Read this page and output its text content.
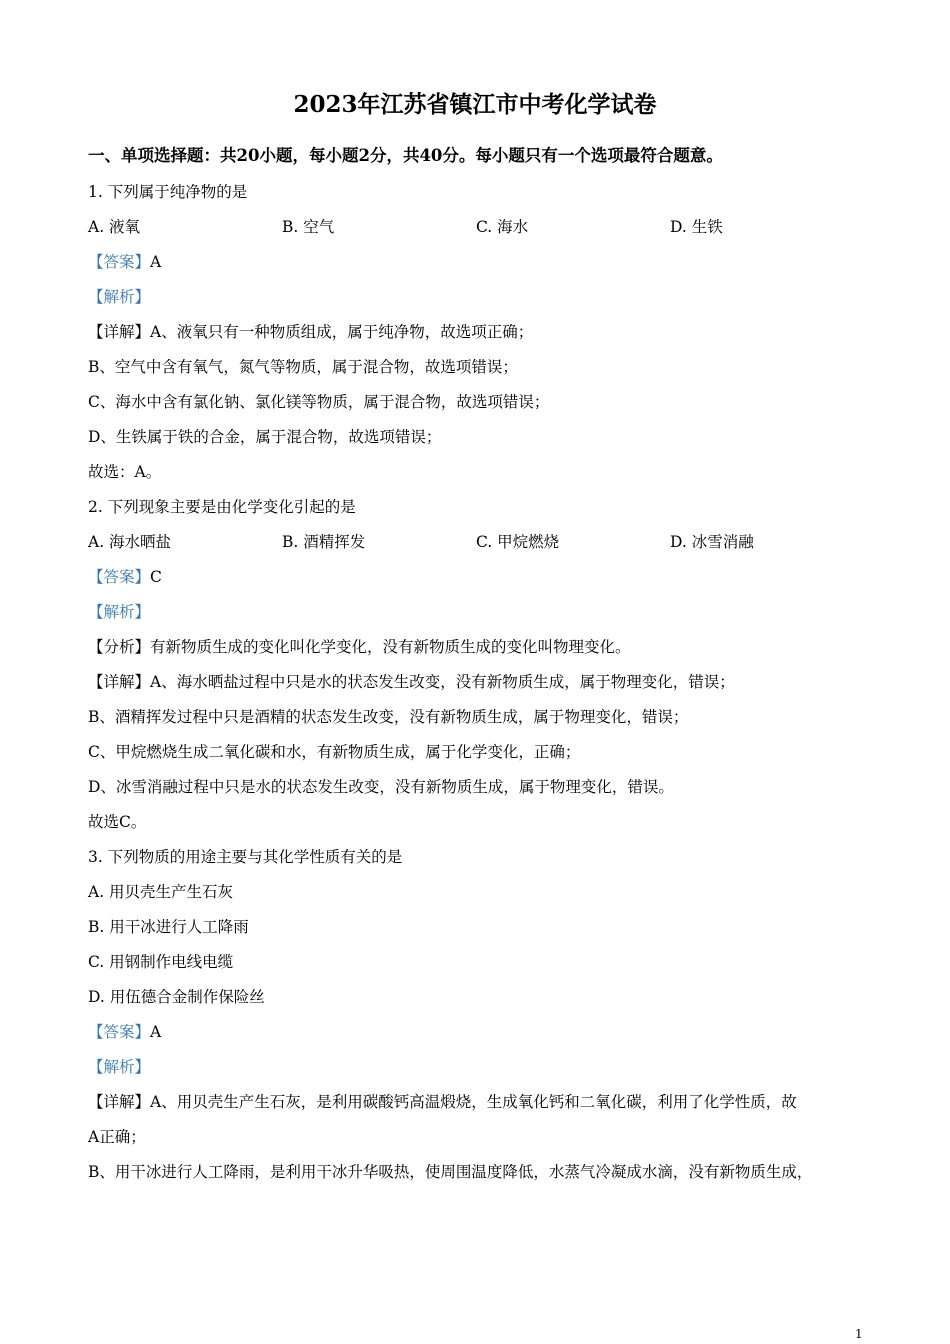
2023年江苏省镇江市中考化学试卷
一、单项选择题：共20小题，每小题2分，共40分。每小题只有一个选项最符合题意。
1. 下列属于纯净物的是
A. 液氧	B. 空气	C. 海水	D. 生铁
【答案】A
【解析】
【详解】A、液氧只有一种物质组成，属于纯净物，故选项正确；
B、空气中含有氧气，氮气等物质，属于混合物，故选项错误；
C、海水中含有氯化钠、氯化镁等物质，属于混合物，故选项错误；
D、生铁属于铁的合金，属于混合物，故选项错误；
故选：A。
2. 下列现象主要是由化学变化引起的是
A. 海水晒盐	B. 酒精挥发	C. 甲烷燃烧	D. 冰雪消融
【答案】C
【解析】
【分析】有新物质生成的变化叫化学变化，没有新物质生成的变化叫物理变化。
【详解】A、海水晒盐过程中只是水的状态发生改变，没有新物质生成，属于物理变化，错误；
B、酒精挥发过程中只是酒精的状态发生改变，没有新物质生成，属于物理变化，错误；
C、甲烷燃烧生成二氧化碳和水，有新物质生成，属于化学变化，正确；
D、冰雪消融过程中只是水的状态发生改变，没有新物质生成，属于物理变化，错误。
故选C。
3. 下列物质的用途主要与其化学性质有关的是
A. 用贝壳生产生石灰
B. 用干冰进行人工降雨
C. 用钢制作电线电缆
D. 用伍德合金制作保险丝
【答案】A
【解析】
【详解】A、用贝壳生产生石灰，是利用碳酸钙高温煅烧，生成氧化钙和二氧化碳，利用了化学性质，故
A正确；
B、用干冰进行人工降雨，是利用干冰升华吸热，使周围温度降低，水蒸气冷凝成水滴，没有新物质生成，
1
